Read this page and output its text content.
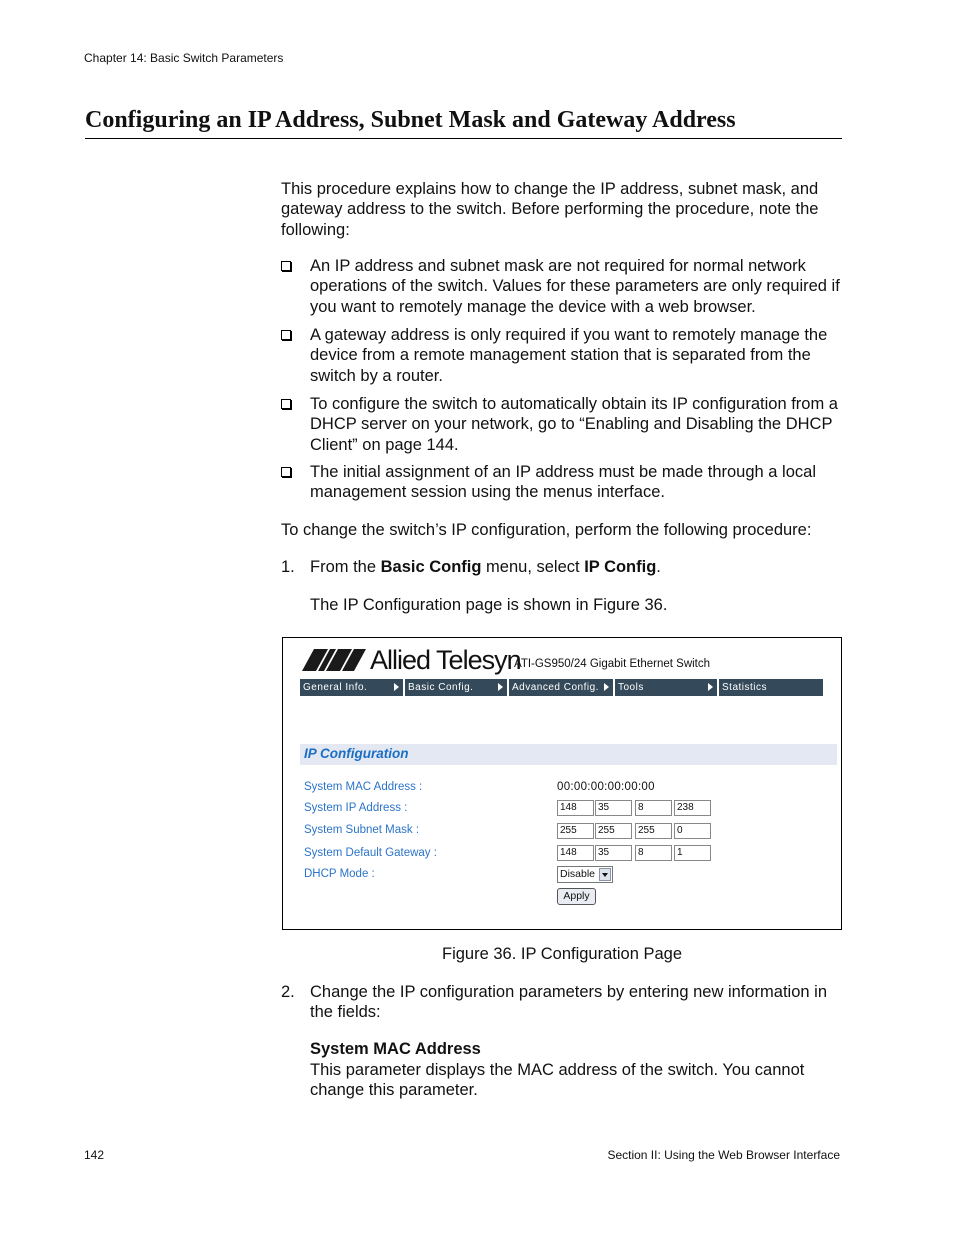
Chapter 14: Basic Switch Parameters
Configuring an IP Address, Subnet Mask and Gateway Address
This procedure explains how to change the IP address, subnet mask, and gateway address to the switch. Before performing the procedure, note the following:
An IP address and subnet mask are not required for normal network operations of the switch. Values for these parameters are only required if you want to remotely manage the device with a web browser.
A gateway address is only required if you want to remotely manage the device from a remote management station that is separated from the switch by a router.
To configure the switch to automatically obtain its IP configuration from a DHCP server on your network, go to “Enabling and Disabling the DHCP Client” on page 144.
The initial assignment of an IP address must be made through a local management session using the menus interface.
To change the switch’s IP configuration, perform the following procedure:
1. From the Basic Config menu, select IP Config.
The IP Configuration page is shown in Figure 36.
Allied Telesyn
ATI-GS950/24 Gigabit Ethernet Switch
General Info.	Basic Config.	Advanced Config.	Tools	Statistics
IP Configuration
System MAC Address :	00:00:00:00:00:00
System IP Address :	148	35	8	238
System Subnet Mask :	255	255	255	0
System Default Gateway :	148	35	8	1
DHCP Mode :	Disable
Apply
Figure 36. IP Configuration Page
2. Change the IP configuration parameters by entering new information in the fields:
System MAC Address
This parameter displays the MAC address of the switch. You cannot change this parameter.
142	Section II: Using the Web Browser Interface
